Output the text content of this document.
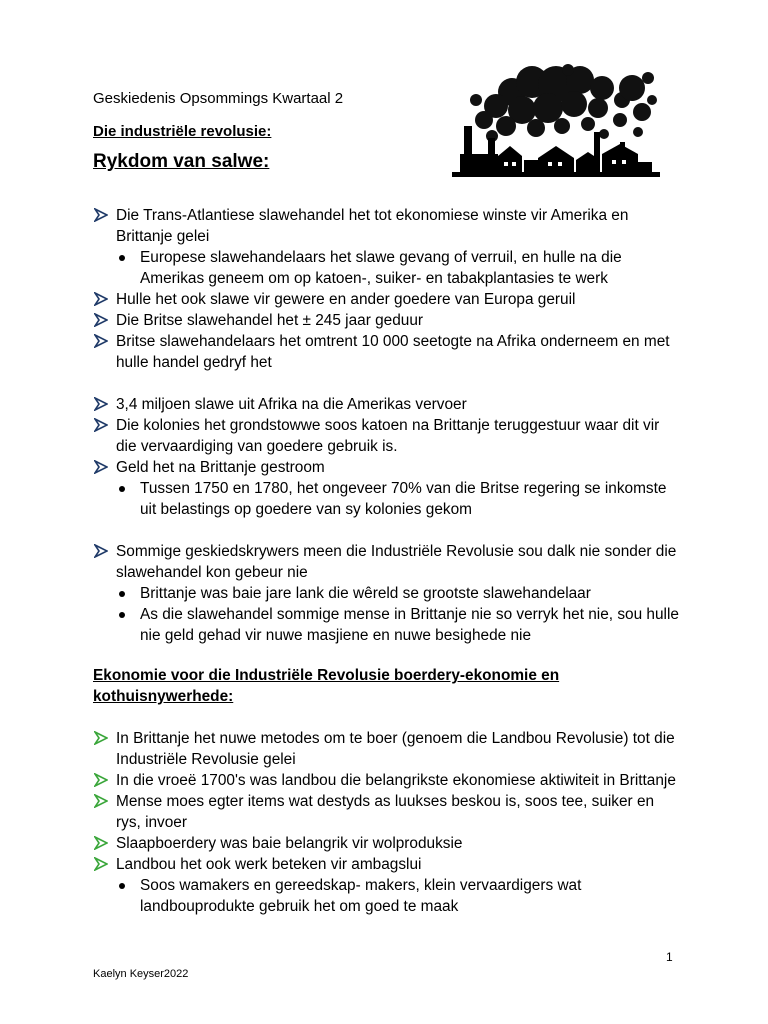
Geskiedenis Opsommings Kwartaal 2
Die industriële revolusie:
Rykdom van salwe:
Die Trans-Atlantiese slawehandel het tot ekonomiese winste vir Amerika en Brittanje gelei
Europese slawehandelaars het slawe gevang of verruil, en hulle na die Amerikas geneem om op katoen-, suiker- en tabakplantasies te werk
Hulle het ook slawe vir gewere en ander goedere van Europa geruil
Die Britse slawehandel het ± 245 jaar geduur
Britse slawehandelaars het omtrent 10 000 seetogte na Afrika onderneem en met hulle handel gedryf het
3,4 miljoen slawe uit Afrika na die Amerikas vervoer
Die kolonies het grondstowwe soos katoen na Brittanje teruggestuur waar dit vir die vervaardiging van goedere gebruik is.
Geld het na Brittanje gestroom
Tussen 1750 en 1780, het ongeveer 70% van die Britse regering se inkomste uit belastings op goedere van sy kolonies gekom
Sommige geskiedskrywers meen die Industriële Revolusie sou dalk nie sonder die slawehandel kon gebeur nie
Brittanje was baie jare lank die wêreld se grootste slawehandelaar
As die slawehandel sommige mense in Brittanje nie so verryk het nie, sou hulle nie geld gehad vir nuwe masjiene en nuwe besighede nie
Ekonomie voor die Industriële Revolusie boerdery-ekonomie en kothuisnywerhede:
In Brittanje het nuwe metodes om te boer (genoem die Landbou Revolusie) tot die Industriële Revolusie gelei
In die vroeë 1700's was landbou die belangrikste ekonomiese aktiwiteit in Brittanje
Mense moes egter items wat destyds as luukses beskou is, soos tee, suiker en rys, invoer
Slaapboerdery was baie belangrik vir wolproduksie
Landbou het ook werk beteken vir ambagslui
Soos wamakers en gereedskap- makers, klein vervaardigers wat landbouprodukte gebruik het om goed te maak
1
Kaelyn Keyser2022
